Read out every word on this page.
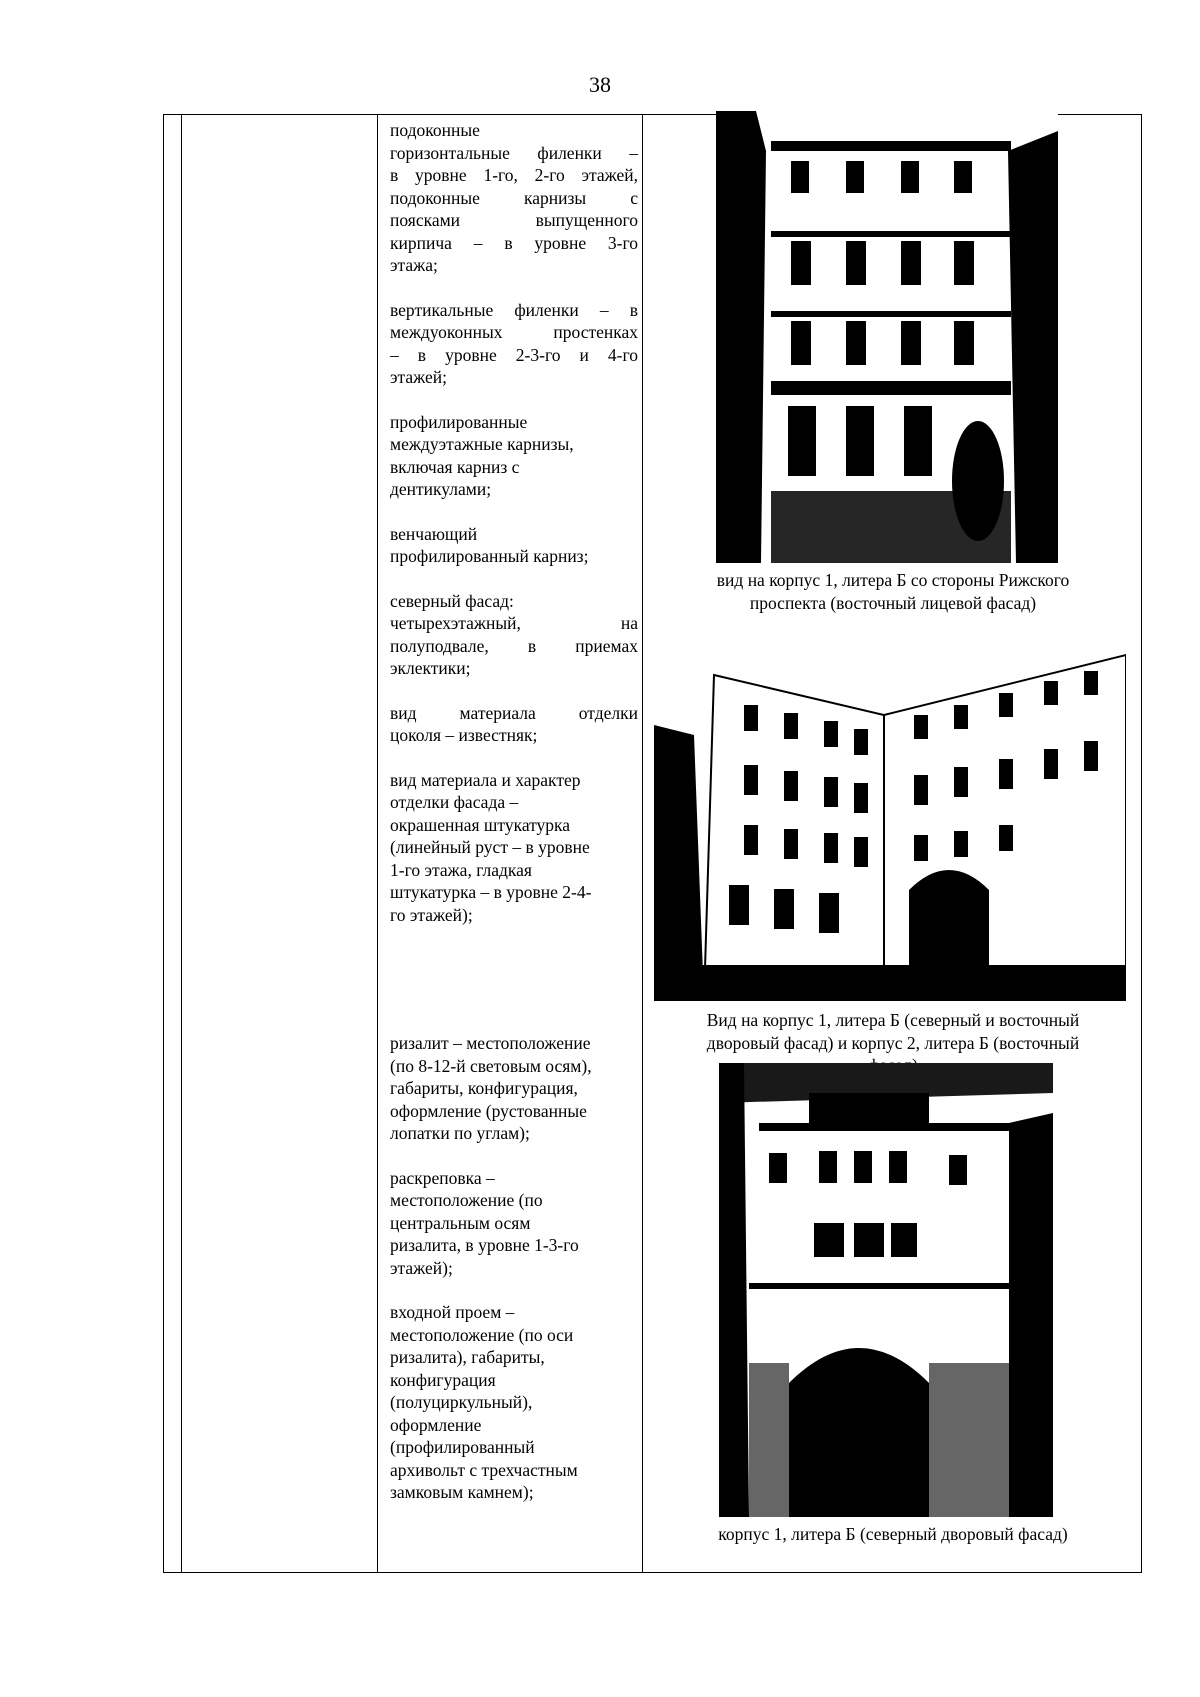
38

подоконные

горизонтальные филенки –

в уровне 1-го, 2-го этажей,

подоконные карнизы с

поясками выпущенного

кирпича – в уровне 3-го

этажа;

вертикальные филенки – в

междуоконных простенках

– в уровне 2-3-го и 4-го

этажей;

профилированные

междуэтажные карнизы,

включая карниз с

дентикулами;

венчающий

профилированный карниз;

северный фасад:

четырехэтажный, на

полуподвале, в приемах

эклектики;

вид материала отделки

цоколя – известняк;

вид материала и характер

отделки фасада –

окрашенная штукатурка

(линейный руст – в уровне

1-го этажа, гладкая

штукатурка – в уровне 2-4-

го этажей);

ризалит – местоположение

(по 8-12-й световым осям),

габариты, конфигурация,

оформление (рустованные

лопатки по углам);

раскреповка –

местоположение (по

центральным осям

ризалита, в уровне 1-3-го

этажей);

входной проем –

местоположение (по оси

ризалита), габариты,

конфигурация

(полуциркульный),

оформление

(профилированный

архивольт с трехчастным

замковым камнем);

вид на корпус 1, литера Б со стороны Рижского
проспекта (восточный лицевой фасад)
Вид на корпус 1, литера Б (северный и восточный
дворовый фасад) и корпус 2, литера Б (восточный
корпус 1, литера Б (северный дворовый фасад)
